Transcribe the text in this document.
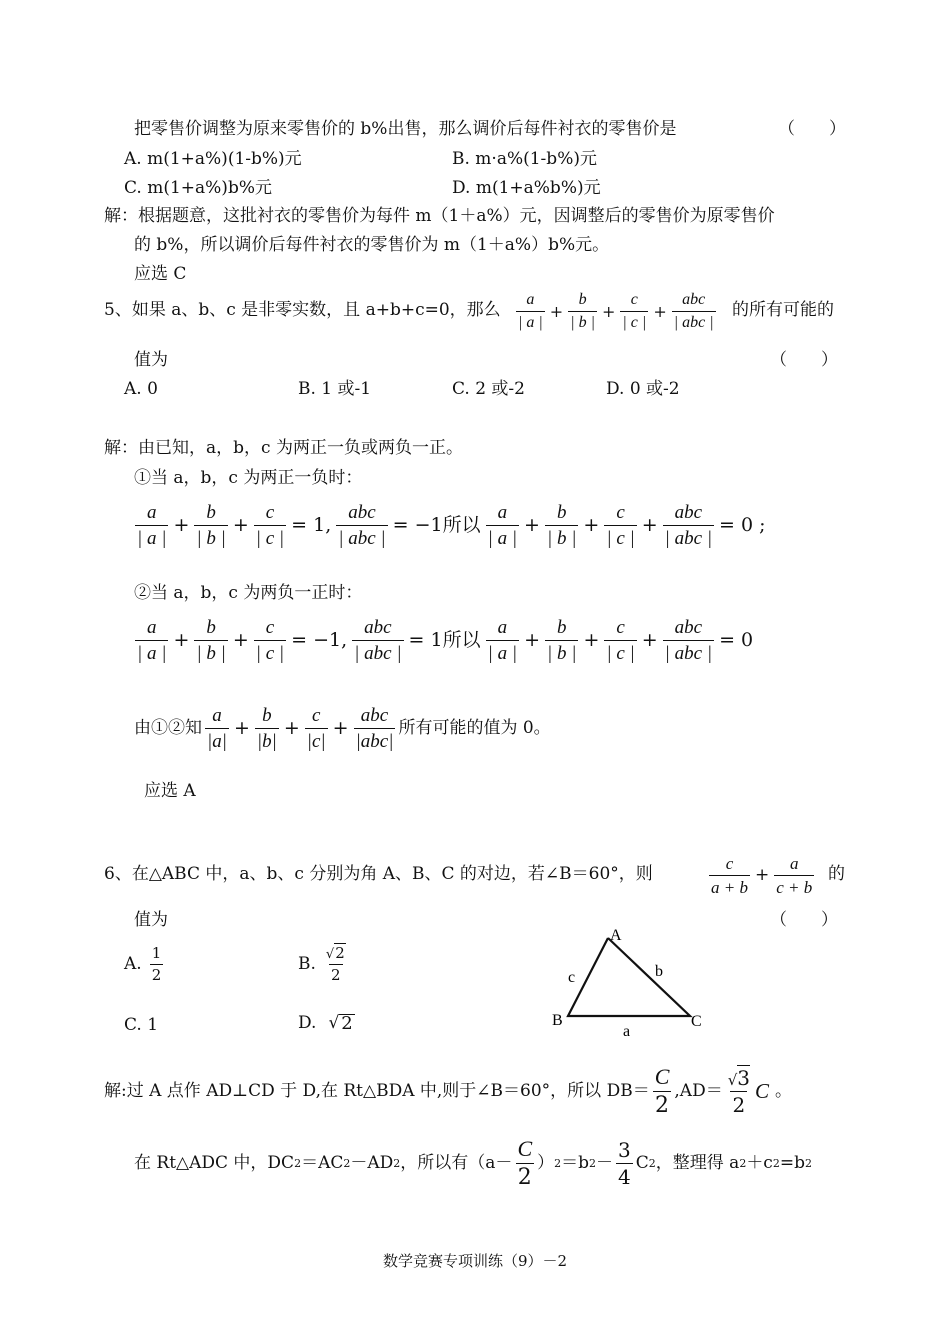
把零售价调整为原来零售价的 b%出售，那么调价后每件衬衣的零售价是	（　　）
A. m(1+a%)(1-b%)元	B. m·a%(1-b%)元
C. m(1+a%)b%元	D. m(1+a%b%)元
解：根据题意，这批衬衣的零售价为每件 m（1＋a%）元，因调整后的零售价为原零售价
的 b%，所以调价后每件衬衣的零售价为 m（1＋a%）b%元。
应选 C
5、如果 a、b、c 是非零实数，且 a+b+c=0，那么 $\frac{a}{| a |} + \frac{b}{| b |} + \frac{c}{| c |} + \frac{\text{abc}}{\text{| abc |}}$ 的所有可能的
值为	（　　）
A. 0	B. 1 或-1	C. 2 或-2	D. 0 或-2
解：由已知，a，b，c 为两正一负或两负一正。
①当 a，b，c 为两正一负时：
$\frac{a}{| a |} + \frac{b}{| b |} + \frac{c}{| c |} = 1$, $\frac{\text{abc}}{\text{| abc |}} = -1$所以 $\frac{a}{| a |} + \frac{b}{| b |} + \frac{c}{| c |} + \frac{\text{abc}}{\text{| abc |}} = 0$ ;
②当 a，b，c 为两负一正时：
$\frac{a}{| a |} + \frac{b}{| b |} + \frac{c}{| c |} = -1$, $\frac{\text{abc}}{\text{| abc |}} = 1$所以 $\frac{a}{| a |} + \frac{b}{| b |} + \frac{c}{| c |} + \frac{\text{abc}}{\text{| abc |}} = 0$
由①②知 $\frac{a}{|a|} + \frac{b}{|b|} + \frac{c}{|c|} + \frac{\text{abc}}{\text{|abc|}}$ 所有可能的值为 0。
应选 A
6、在△ABC 中，a、b、c 分别为角 A、B、C 的对边，若∠B＝60°，则	$\frac{c}{a + b} + \frac{a}{c + b}$ 的
值为	（　　）
A. $\frac{1}{2}$	B. $\frac{√2}{2}$
C. 1	D. √ 2
A
B	C
c	b
a
解:过 A 点作 AD⊥CD 于 D,在 Rt△BDA 中,则于∠B＝60°，所以 $DB= \frac{C}{2} ,AD= \frac{√3}{2}$ C 。
在 Rt△ADC 中，DC 2 ＝AC 2 －AD 2 ，所以有（$a- \frac{C}{2}$ ） 2 ＝b $2 - \frac{3}{4}$ C 2 ，整理得 a 2 ＋c 2 =b 2
数学竞赛专项训练（9）－2
